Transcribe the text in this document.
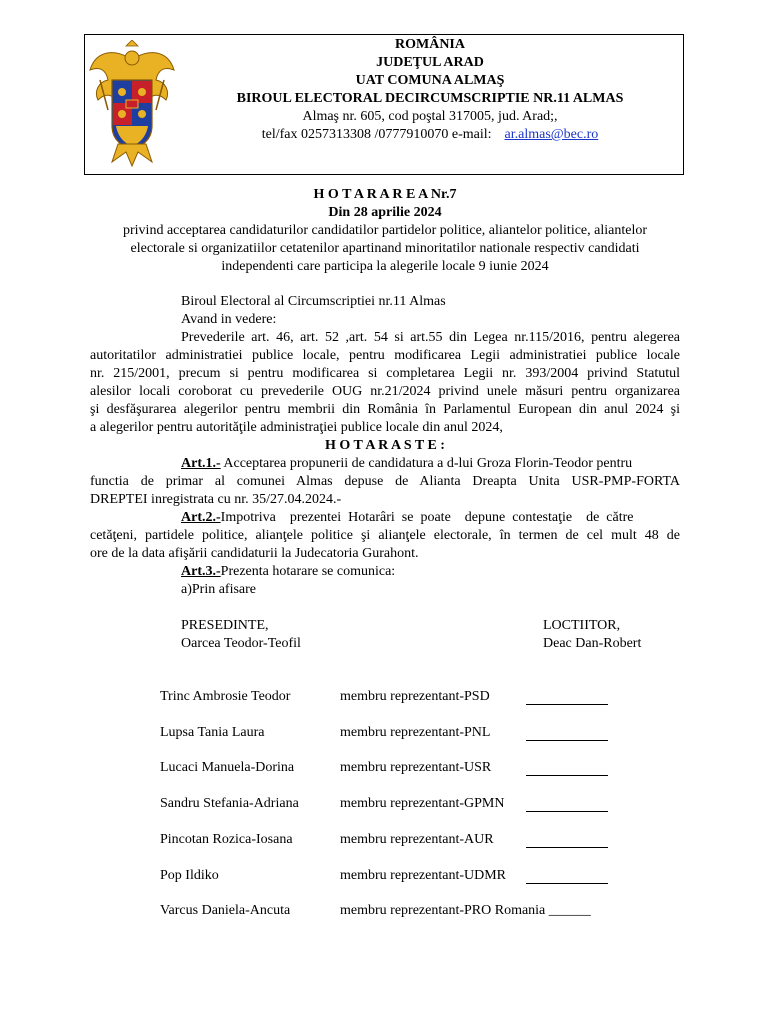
ROMÂNIA
JUDEŢUL ARAD
UAT COMUNA ALMAŞ
BIROUL ELECTORAL DECIRCUMSCRIPTIE NR.11 ALMAS
Almaş nr. 605, cod poştal 317005, jud. Arad;,
tel/fax 0257313308 /0777910070 e-mail: ar.almas@bec.ro
H O T A R A R E A Nr.7
Din 28 aprilie 2024
privind acceptarea candidaturilor candidatilor partidelor politice, aliantelor politice, aliantelor
electorale si organizatiilor cetatenilor apartinand minoritatilor nationale respectiv candidati
independenti care participa la alegerile locale 9 iunie 2024
Biroul Electoral al Circumscriptiei nr.11 Almas
Avand in vedere:
Prevederile art. 46, art. 52 ,art. 54 si art.55 din Legea nr.115/2016, pentru alegerea
autoritatilor administratiei publice locale, pentru modificarea Legii administratiei publice locale
nr. 215/2001, precum si pentru modificarea si completarea Legii nr. 393/2004 privind Statutul
alesilor locali coroborat cu prevederile OUG nr.21/2024 privind unele măsuri pentru organizarea
şi desfăşurarea alegerilor pentru membrii din România în Parlamentul European din anul 2024 şi
a alegerilor pentru autorităţile administraţiei publice locale din anul 2024,
H O T A R A S T E :
Art.1.- Acceptarea propunerii de candidatura a d-lui Groza Florin-Teodor pentru
functia de primar al comunei Almas depuse de Alianta Dreapta Unita USR-PMP-FORTA
DREPTEI inregistrata cu nr. 35/27.04.2024.-
Art.2.-Impotriva    prezentei  Hotarâri  se  poate    depune  contestaţie    de  către
cetăţeni, partidele politice, alianţele politice şi alianţele electorale, în termen de cel mult 48 de
ore de la data afişării candidaturii la Judecatoria Gurahont.
Art.3.-Prezenta hotarare se comunica:
a)Prin afisare
PRESEDINTE,
Oarcea Teodor-Teofil
LOCTIITOR,
Deac Dan-Robert
Trinc Ambrosie Teodor	membru reprezentant-PSD
Lupsa Tania Laura	membru reprezentant-PNL
Lucaci Manuela-Dorina	membru reprezentant-USR
Sandru Stefania-Adriana	membru reprezentant-GPMN
Pincotan Rozica-Iosana	membru reprezentant-AUR
Pop Ildiko	membru reprezentant-UDMR
Varcus Daniela-Ancuta	membru reprezentant-PRO Romania ______
